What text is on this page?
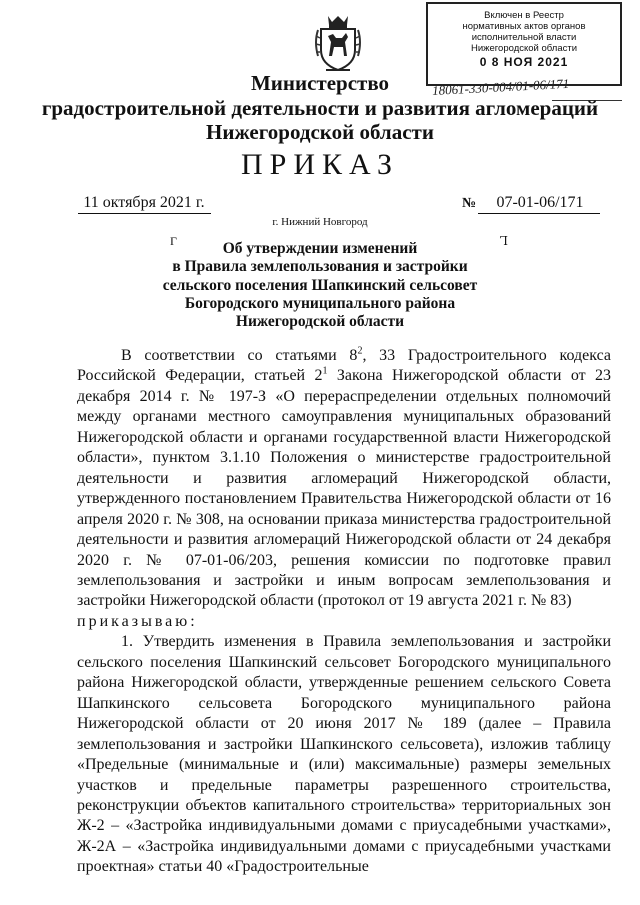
Включен в Реестр
нормативных актов органов
исполнительной власти
Нижегородской области
0 8 НОЯ 2021
18061-330-004/01-06/171
Министерство
градостроительной деятельности и развития агломераций
Нижегородской области
ПРИКАЗ
11 октября 2021 г.	№	07-01-06/171
г. Нижний Новгород
Г	Ꞁ
Об утверждении изменений
в Правила землепользования и застройки
сельского поселения Шапкинский сельсовет
Богородского муниципального района
Нижегородской области
В соответствии со статьями $8^2$, 33 Градостроительного кодекса Российской Федерации, статьей $2^1$ Закона Нижегородской области от 23 декабря 2014 г. № 197-З «О перераспределении отдельных полномочий между органами местного самоуправления муниципальных образований Нижегородской области и органами государственной власти Нижегородской области», пунктом 3.1.10 Положения о министерстве градостроительной деятельности и развития агломераций Нижегородской области, утвержденного постановлением Правительства Нижегородской области от 16 апреля 2020 г. № 308, на основании приказа министерства градостроительной деятельности и развития агломераций Нижегородской области от 24 декабря 2020 г. № 07-01-06/203, решения комиссии по подготовке правил землепользования и застройки и иным вопросам землепользования и застройки Нижегородской области (протокол от 19 августа 2021 г. № 83)
приказываю:
1. Утвердить изменения в Правила землепользования и застройки сельского поселения Шапкинский сельсовет Богородского муниципального района Нижегородской области, утвержденные решением сельского Совета Шапкинского сельсовета Богородского муниципального района Нижегородской области от 20 июня 2017 № 189 (далее – Правила землепользования и застройки Шапкинского сельсовета), изложив таблицу «Предельные (минимальные и (или) максимальные) размеры земельных участков и предельные параметры разрешенного строительства, реконструкции объектов капитального строительства» территориальных зон Ж-2 – «Застройка индивидуальными домами с приусадебными участками», Ж-2А – «Застройка индивидуальными домами с приусадебными участками проектная» статьи 40 «Градостроительные
